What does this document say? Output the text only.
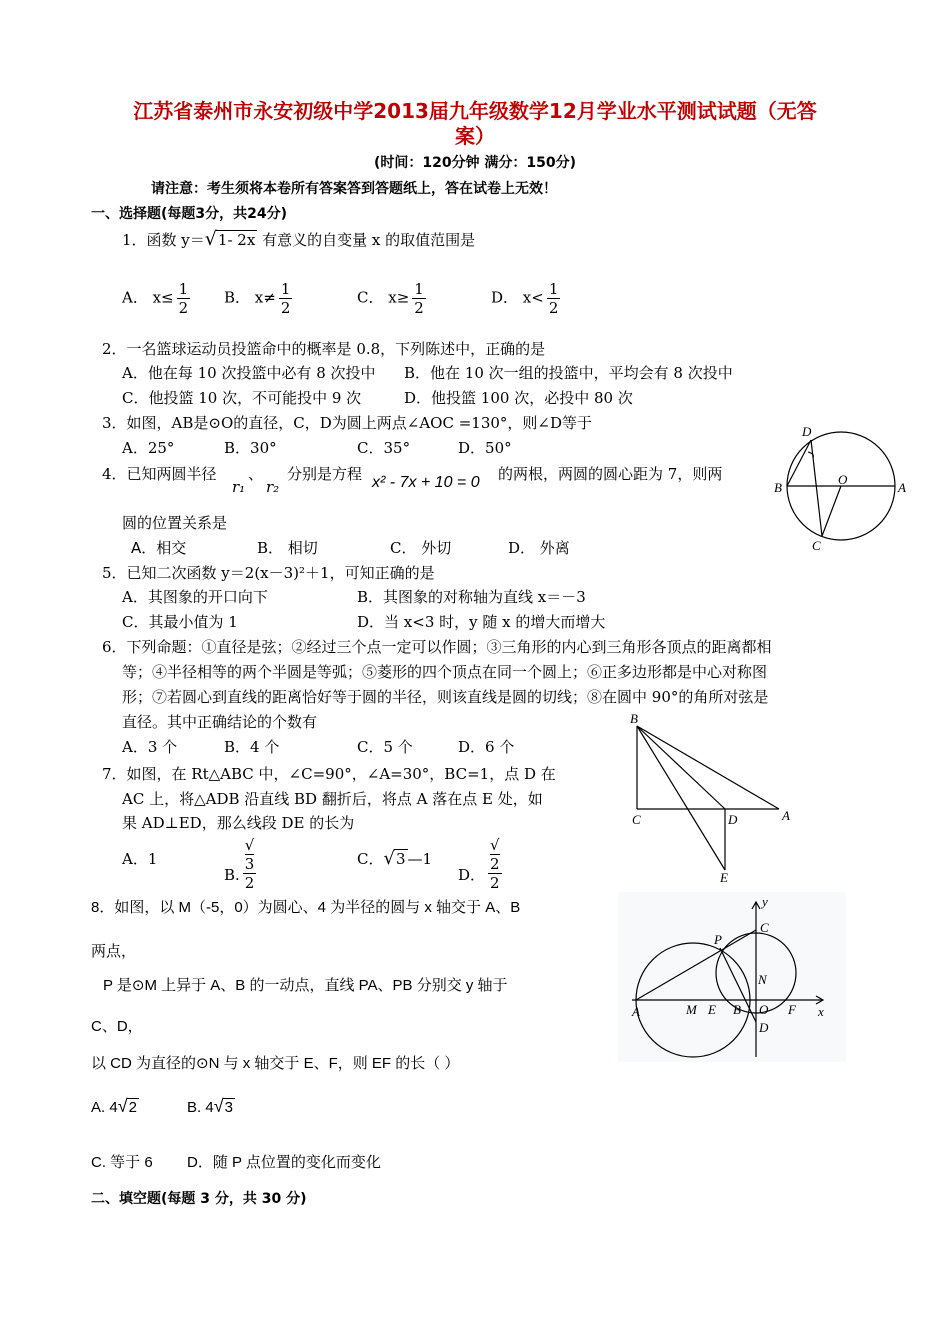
江苏省泰州市永安初级中学2013届九年级数学12月学业水平测试试题（无答
案）
(时间：120分钟 满分：150分)
请注意：考生须将本卷所有答案答到答题纸上，答在试卷上无效！
一、选择题(每题3分，共24分)
1．函数 y＝√1- 2x 有意义的自变量 x 的取值范围是
A． $x\le \frac{1}{2}$ B． $x\ne \frac{1}{2}$	C． $x\ge \frac{1}{2}$	D． $x< \frac{1}{2}$
2．一名篮球运动员投篮命中的概率是 0.8，下列陈述中，正确的是
A．他在每 10 次投篮中必有 8 次投中 B．他在 10 次一组的投篮中，平均会有 8 次投中
C．他投篮 10 次，不可能投中 9 次	D．他投篮 100 次，必投中 80 次
3．如图，AB是⊙O的直径，C，D为圆上两点∠AOC =130°，则∠D等于
A．25°	B．30°	C．35°	D．50°
D
B
O
A
C
4．已知两圆半径
r₁
、
r₂
分别是方程 x² - 7x + 10 = 0 的两根，两圆的圆心距为 7，则两
圆的位置关系是
A．相交	B． 相切	C． 外切	D． 外离
5．已知二次函数 y＝2(x－3)²＋1，可知正确的是
A．其图象的开口向下	B．其图象的对称轴为直线 x＝－3
C．其最小值为 1	D．当 x<3 时，y 随 x 的增大而增大
6．下列命题：①直径是弦；②经过三个点一定可以作圆；③三角形的内心到三角形各顶点的距离都相
等；④半径相等的两个半圆是等弧；⑤菱形的四个顶点在同一个圆上；⑥正多边形都是中心对称图
形；⑦若圆心到直线的距离恰好等于圆的半径，则该直线是圆的切线；⑧在圆中 90°的角所对弦是
直径。其中正确结论的个数有
A．3 个	B．4 个	C．5 个	D．6 个
B
C	D	A
E
7．如图，在 Rt△ABC 中，∠C=90°，∠A=30°，BC=1，点 D 在
AC 上，将△ADB 沿直线 BD 翻折后，将点 A 落在点 E 处，如
果 AD⊥ED，那么线段 DE 的长为
A．1
B. √
3
2	C．√3 —1
D． √
2
2
8．如图，以 M（-5，0）为圆心、4 为半径的圆与 x 轴交于 A、B
两点，
P 是⊙M 上异于 A、B 的一动点，直线 PA、PB 分别交 y 轴于
C、D，
以 CD 为直径的⊙N 与 x 轴交于 E、F，则 EF 的长（ ）
A. 4√2	B. 4√3
C. 等于 6 D．随 P 点位置的变化而变化
y
C
P
N
A	M E B O F x
D
二、填空题(每题 3 分，共 30 分)
